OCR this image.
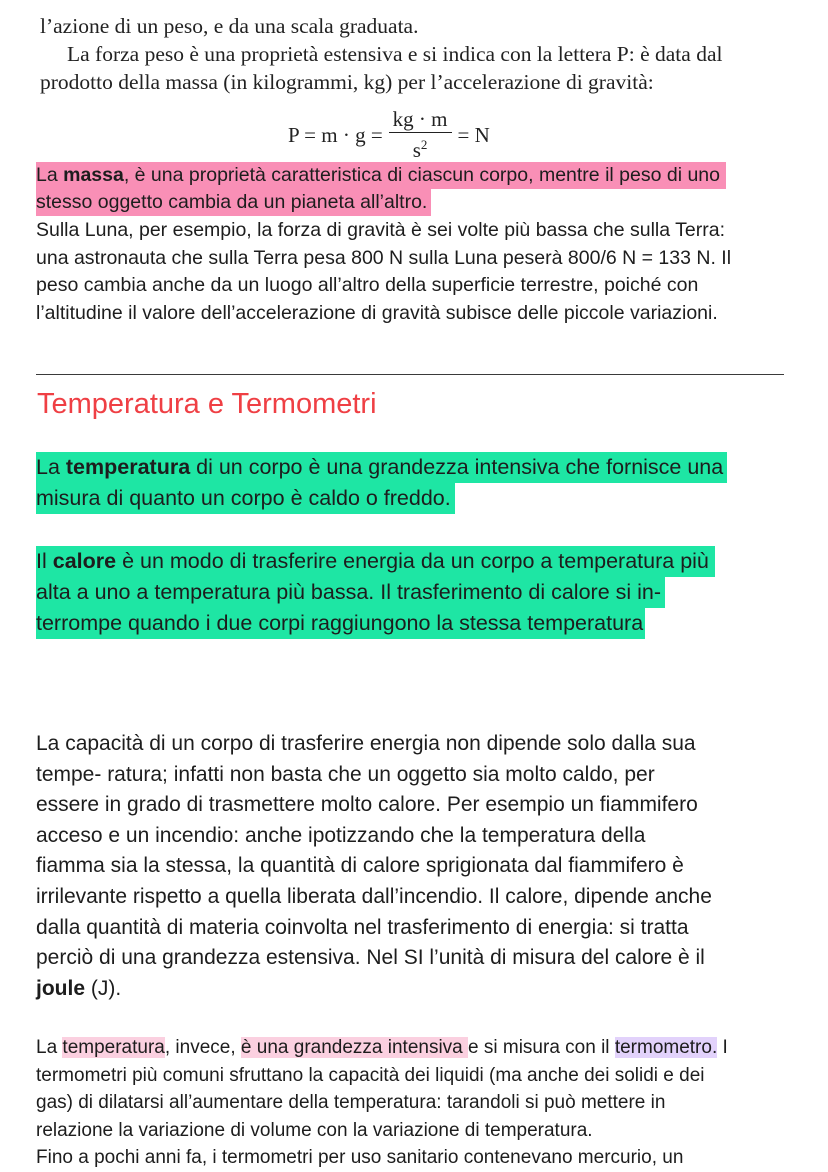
l’azione di un peso, e da una scala graduata.
La forza peso è una proprietà estensiva e si indica con la lettera P: è data dal
prodotto della massa (in kilogrammi, kg) per l’accelerazione di gravità:
$P = m \cdot g = \frac{kg \cdot m}{s^2} = N$
La massa, è una proprietà caratteristica di ciascun corpo, mentre il peso di uno
stesso oggetto cambia da un pianeta all’altro.
Sulla Luna, per esempio, la forza di gravità è sei volte più bassa che sulla Terra:
una astronauta che sulla Terra pesa 800 N sulla Luna peserà 800/6 N = 133 N. Il
peso cambia anche da un luogo all’altro della superficie terrestre, poiché con
l’altitudine il valore dell’accelerazione di gravità subisce delle piccole variazioni.
Temperatura e Termometri
La temperatura di un corpo è una grandezza intensiva che fornisce una
misura di quanto un corpo è caldo o freddo.
Il calore è un modo di trasferire energia da un corpo a temperatura più
alta a uno a temperatura più bassa. Il trasferimento di calore si in-
terrompe quando i due corpi raggiungono la stessa temperatura
La capacità di un corpo di trasferire energia non dipende solo dalla sua
tempe- ratura; infatti non basta che un oggetto sia molto caldo, per
essere in grado di trasmettere molto calore. Per esempio un fiammifero
acceso e un incendio: anche ipotizzando che la temperatura della
fiamma sia la stessa, la quantità di calore sprigionata dal fiammifero è
irrilevante rispetto a quella liberata dall’incendio. Il calore, dipende anche
dalla quantità di materia coinvolta nel trasferimento di energia: si tratta
perciò di una grandezza estensiva. Nel SI l’unità di misura del calore è il
joule (J).
La temperatura, invece, è una grandezza intensiva e si misura con il termometro. I
termometri più comuni sfruttano la capacità dei liquidi (ma anche dei solidi e dei
gas) di dilatarsi all’aumentare della temperatura: tarandoli si può mettere in
relazione la variazione di volume con la variazione di temperatura.
Fino a pochi anni fa, i termometri per uso sanitario contenevano mercurio, un
